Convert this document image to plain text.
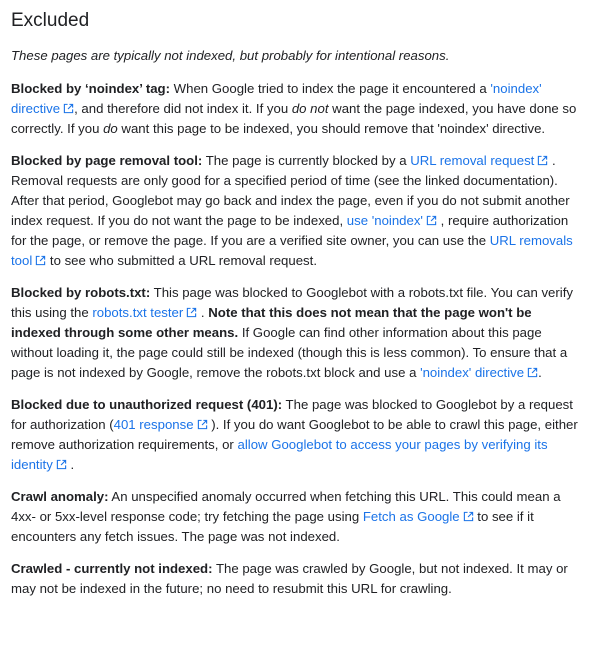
Excluded

These pages are typically not indexed, but probably for intentional reasons.

Blocked by ‘noindex’ tag: When Google tried to index the page it encountered a 'noindex' directive , and therefore did not index it. If you do not want the page indexed, you have done so correctly. If you do want this page to be indexed, you should remove that 'noindex' directive.

Blocked by page removal tool: The page is currently blocked by a URL removal request . Removal requests are only good for a specified period of time (see the linked documentation). After that period, Googlebot may go back and index the page, even if you do not submit another index request. If you do not want the page to be indexed, use 'noindex' , require authorization for the page, or remove the page. If you are a verified site owner, you can use the URL removals tool to see who submitted a URL removal request.

Blocked by robots.txt: This page was blocked to Googlebot with a robots.txt file. You can verify this using the robots.txt tester . Note that this does not mean that the page won't be indexed through some other means. If Google can find other information about this page without loading it, the page could still be indexed (though this is less common). To ensure that a page is not indexed by Google, remove the robots.txt block and use a 'noindex' directive .

Blocked due to unauthorized request (401): The page was blocked to Googlebot by a request for authorization (401 response ). If you do want Googlebot to be able to crawl this page, either remove authorization requirements, or allow Googlebot to access your pages by verifying its identity .

Crawl anomaly: An unspecified anomaly occurred when fetching this URL. This could mean a 4xx- or 5xx-level response code; try fetching the page using Fetch as Google to see if it encounters any fetch issues. The page was not indexed.

Crawled - currently not indexed: The page was crawled by Google, but not indexed. It may or may not be indexed in the future; no need to resubmit this URL for crawling.
